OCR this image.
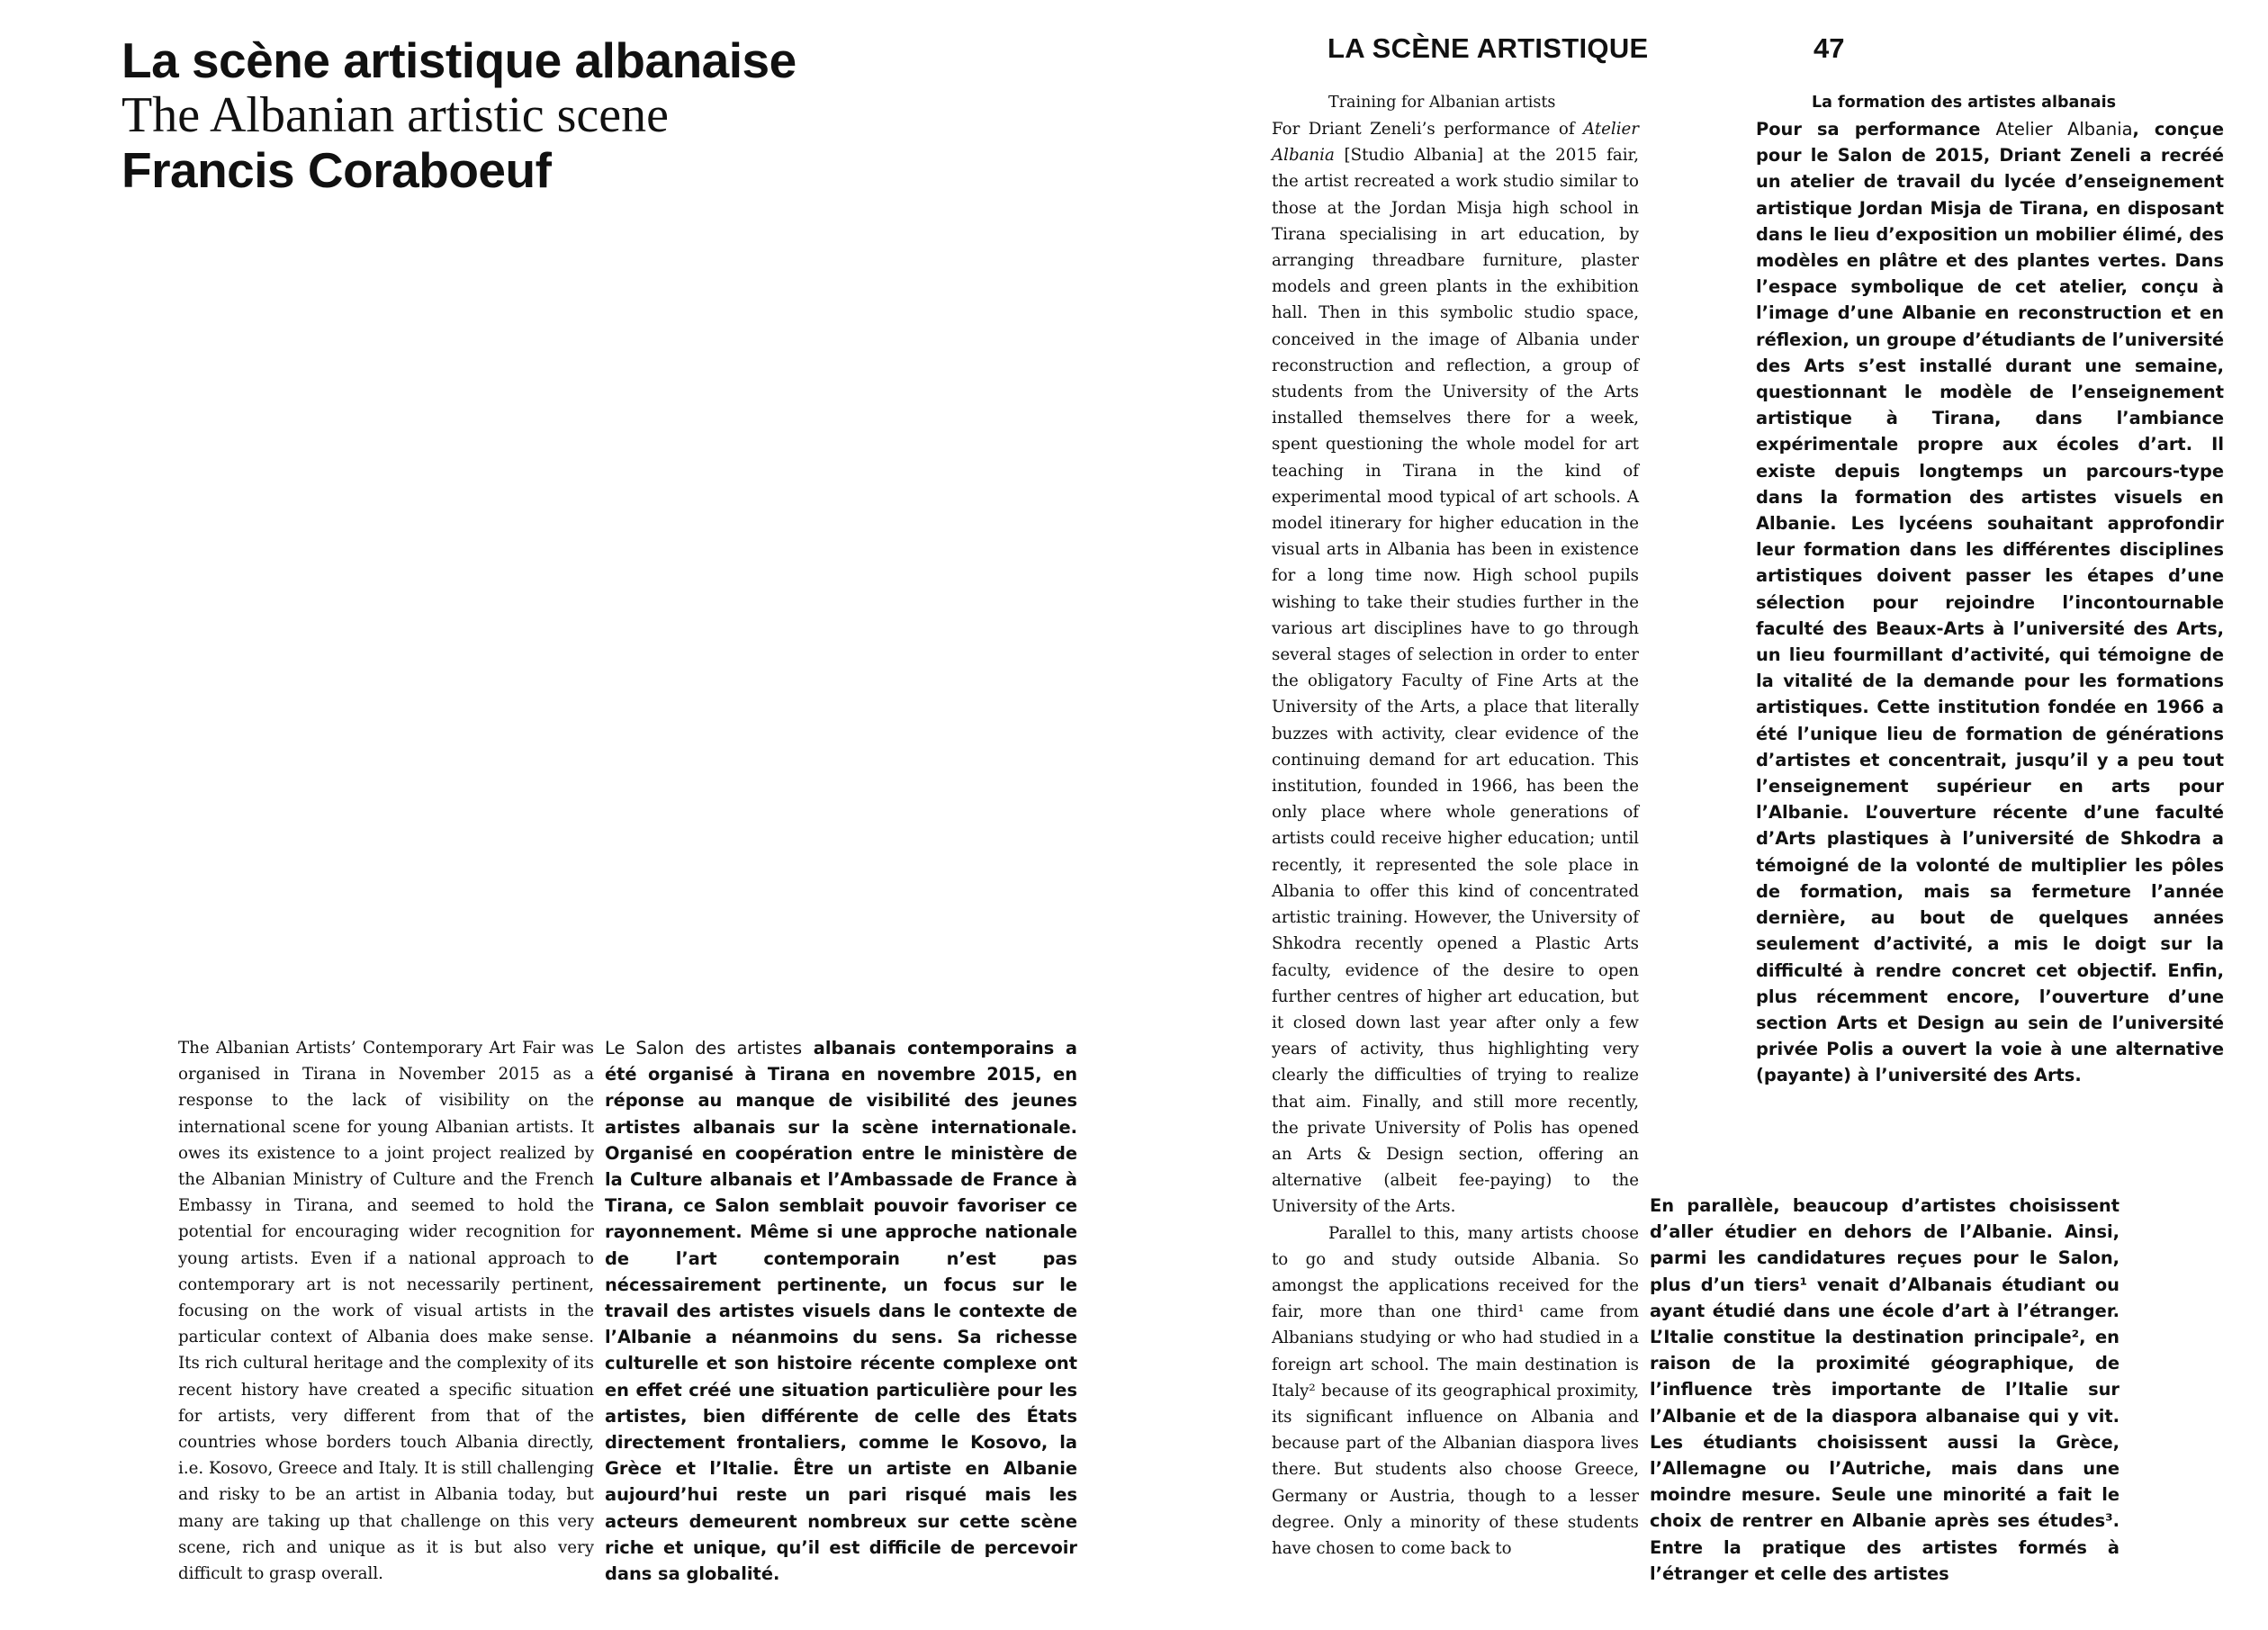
La scène artistique albanaise
The Albanian artistic scene
Francis Coraboeuf
LA SCÈNE ARTISTIQUE	47

The Albanian Artists’ Contemporary Art Fair was organised in Tirana in November 2015 as a response to the lack of visibility on the international scene for young Albanian artists. It owes its existence to a joint project realized by the Albanian Ministry of Culture and the French Embassy in Tirana, and seemed to hold the potential for encouraging wider recognition for young artists. Even if a national approach to contemporary art is not necessarily pertinent, focusing on the work of visual artists in the particular context of Albania does make sense. Its rich cultural heritage and the complexity of its recent history have created a specific situation for artists, very different from that of the countries whose borders touch Albania directly, i.e. Kosovo, Greece and Italy. It is still challenging and risky to be an artist in Albania today, but many are taking up that challenge on this very scene, rich and unique as it is but also very difficult to grasp overall.

Le Salon des artistes albanais contemporains a été organisé à Tirana en novembre 2015, en réponse au manque de visibilité des jeunes artistes albanais sur la scène internationale. Organisé en coopération entre le ministère de la Culture albanais et l’Ambassade de France à Tirana, ce Salon semblait pouvoir favoriser ce rayonnement. Même si une approche nationale de l’art contemporain n’est pas nécessairement pertinente, un focus sur le travail des artistes visuels dans le contexte de l’Albanie a néanmoins du sens. Sa richesse culturelle et son histoire récente complexe ont en effet créé une situation particulière pour les artistes, bien différente de celle des États directement frontaliers, comme le Kosovo, la Grèce et l’Italie. Être un artiste en Albanie aujourd’hui reste un pari risqué mais les acteurs demeurent nombreux sur cette scène riche et unique, qu’il est difficile de percevoir dans sa globalité.

Training for Albanian artists

For Driant Zeneli’s performance of Atelier Albania [Studio Albania] at the 2015 fair, the artist recreated a work studio similar to those at the Jordan Misja high school in Tirana specialising in art education, by arranging threadbare furniture, plaster models and green plants in the exhibition hall. Then in this symbolic studio space, conceived in the image of Albania under reconstruction and reflection, a group of students from the University of the Arts installed themselves there for a week, spent questioning the whole model for art teaching in Tirana in the kind of experimental mood typical of art schools. A model itinerary for higher education in the visual arts in Albania has been in existence for a long time now. High school pupils wishing to take their studies further in the various art disciplines have to go through several stages of selection in order to enter the obligatory Faculty of Fine Arts at the University of the Arts, a place that literally buzzes with activity, clear evidence of the continuing demand for art education. This institution, founded in 1966, has been the only place where whole generations of artists could receive higher education; until recently, it represented the sole place in Albania to offer this kind of concentrated artistic training. However, the University of Shkodra recently opened a Plastic Arts faculty, evidence of the desire to open further centres of higher art education, but it closed down last year after only a few years of activity, thus highlighting very clearly the difficulties of trying to realize that aim. Finally, and still more recently, the private University of Polis has opened an Arts & Design section, offering an alternative (albeit fee-paying) to the University of the Arts.

Parallel to this, many artists choose to go and study outside Albania. So amongst the applications received for the fair, more than one third¹ came from Albanians studying or who had studied in a foreign art school. The main destination is Italy² because of its geographical proximity, its significant influence on Albania and because part of the Albanian diaspora lives there. But students also choose Greece, Germany or Austria, though to a lesser degree. Only a minority of these students have chosen to come back to

La formation des artistes albanais

Pour sa performance Atelier Albania, conçue pour le Salon de 2015, Driant Zeneli a recréé un atelier de travail du lycée d’enseignement artistique Jordan Misja de Tirana, en disposant dans le lieu d’exposition un mobilier élimé, des modèles en plâtre et des plantes vertes. Dans l’espace symbolique de cet atelier, conçu à l’image d’une Albanie en reconstruction et en réflexion, un groupe d’étudiants de l’université des Arts s’est installé durant une semaine, questionnant le modèle de l’enseignement artistique à Tirana, dans l’ambiance expérimentale propre aux écoles d’art. Il existe depuis longtemps un parcours-type dans la formation des artistes visuels en Albanie. Les lycéens souhaitant approfondir leur formation dans les différentes disciplines artistiques doivent passer les étapes d’une sélection pour rejoindre l’incontournable faculté des Beaux-Arts à l’université des Arts, un lieu fourmillant d’activité, qui témoigne de la vitalité de la demande pour les formations artistiques. Cette institution fondée en 1966 a été l’unique lieu de formation de générations d’artistes et concentrait, jusqu’il y a peu tout l’enseignement supérieur en arts pour l’Albanie. L’ouverture récente d’une faculté d’Arts plastiques à l’université de Shkodra a témoigné de la volonté de multiplier les pôles de formation, mais sa fermeture l’année dernière, au bout de quelques années seulement d’activité, a mis le doigt sur la difficulté à rendre concret cet objectif. Enfin, plus récemment encore, l’ouverture d’une section Arts et Design au sein de l’université privée Polis a ouvert la voie à une alternative (payante) à l’université des Arts.

En parallèle, beaucoup d’artistes choisissent d’aller étudier en dehors de l’Albanie. Ainsi, parmi les candidatures reçues pour le Salon, plus d’un tiers¹ venait d’Albanais étudiant ou ayant étudié dans une école d’art à l’étranger. L’Italie constitue la destination principale², en raison de la proximité géographique, de l’influence très importante de l’Italie sur l’Albanie et de la diaspora albanaise qui y vit. Les étudiants choisissent aussi la Grèce, l’Allemagne ou l’Autriche, mais dans une moindre mesure. Seule une minorité a fait le choix de rentrer en Albanie après ses études³. Entre la pratique des artistes formés à l’étranger et celle des artistes
